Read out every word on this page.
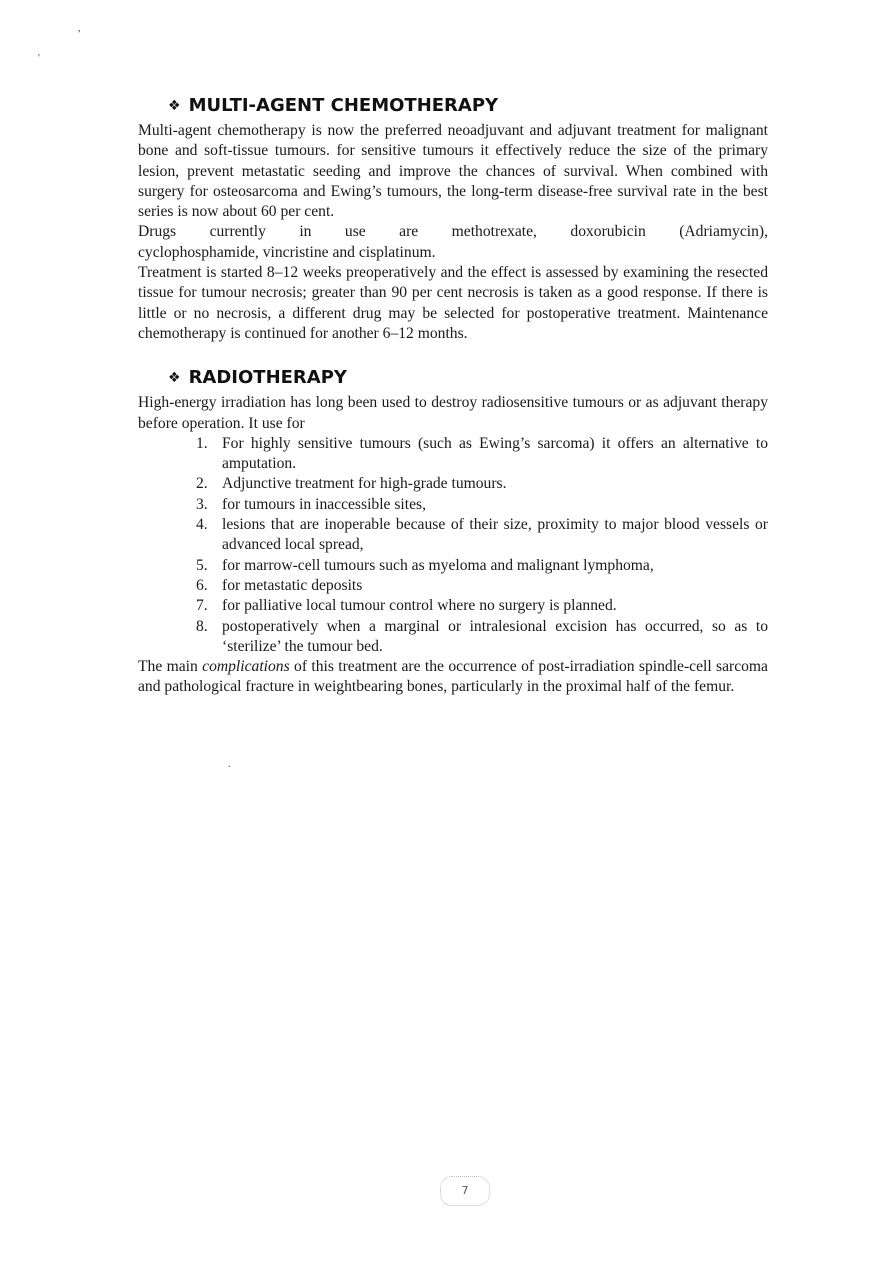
,
'
.
❖ MULTI-AGENT CHEMOTHERAPY

Multi-agent chemotherapy is now the preferred neoadjuvant and adjuvant treatment for malignant bone and soft-tissue tumours. for sensitive tumours it effectively reduce the size of the primary lesion, prevent metastatic seeding and improve the chances of survival. When combined with surgery for osteosarcoma and Ewing’s tumours, the long-term disease-free survival rate in the best series is now about 60 per cent.

Drugs currently in use are methotrexate, doxorubicin (Adriamycin),

cyclophosphamide, vincristine and cisplatinum.

Treatment is started 8–12 weeks preoperatively and the effect is assessed by examining the resected tissue for tumour necrosis; greater than 90 per cent necrosis is taken as a good response. If there is little or no necrosis, a different drug may be selected for postoperative treatment. Maintenance chemotherapy is continued for another 6–12 months.

❖ RADIOTHERAPY

High-energy irradiation has long been used to destroy radiosensitive tumours or as adjuvant therapy before operation. It use for

1. For highly sensitive tumours (such as Ewing’s sarcoma) it offers an alternative to amputation.
2. Adjunctive treatment for high-grade tumours.
3. for tumours in inaccessible sites,
4. lesions that are inoperable because of their size, proximity to major blood vessels or advanced local spread,
5. for marrow-cell tumours such as myeloma and malignant lymphoma,
6. for metastatic deposits
7. for palliative local tumour control where no surgery is planned.
8. postoperatively when a marginal or intralesional excision has occurred, so as to ‘sterilize’ the tumour bed.

The main complications of this treatment are the occurrence of post-irradiation spindle-cell sarcoma and pathological fracture in weightbearing bones, particularly in the proximal half of the femur.

7
